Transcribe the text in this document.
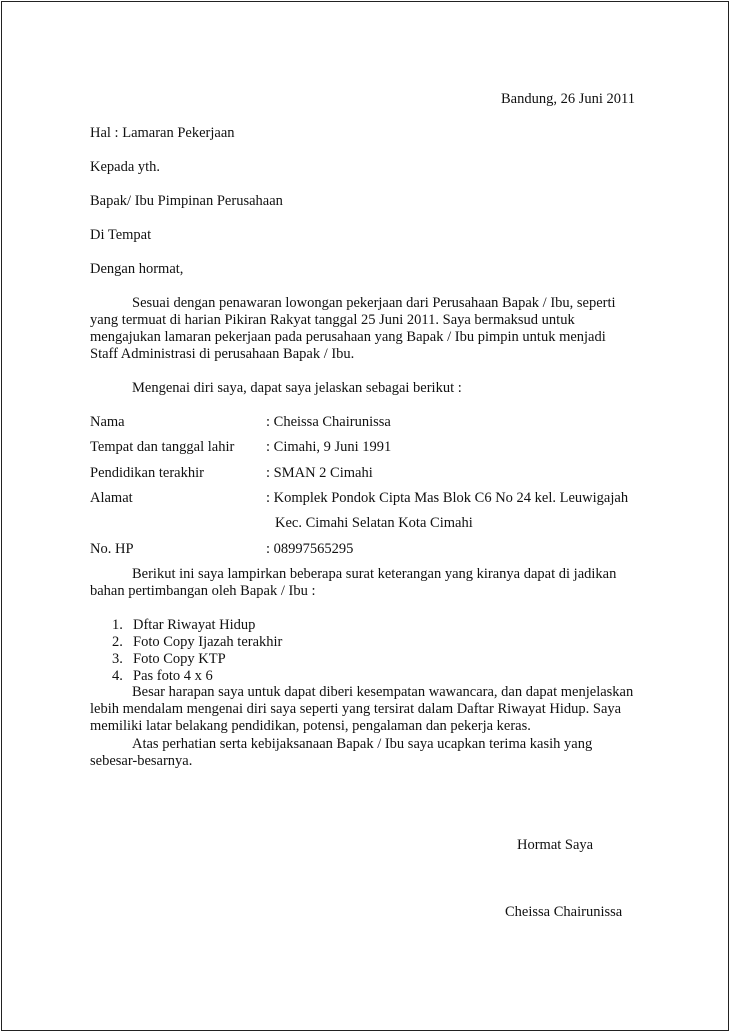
Bandung, 26 Juni 2011
Hal : Lamaran Pekerjaan
Kepada yth.
Bapak/ Ibu Pimpinan Perusahaan
Di Tempat
Dengan hormat,
Sesuai dengan penawaran lowongan pekerjaan dari Perusahaan Bapak / Ibu, seperti
yang termuat di harian Pikiran Rakyat tanggal 25 Juni 2011. Saya bermaksud untuk
mengajukan lamaran pekerjaan pada perusahaan yang Bapak / Ibu pimpin untuk menjadi
Staff Administrasi di perusahaan Bapak / Ibu.
Mengenai diri saya, dapat saya jelaskan sebagai berikut :
Nama	: Cheissa Chairunissa
Tempat dan tanggal lahir : Cimahi, 9 Juni 1991
Pendidikan terakhir	: SMAN 2 Cimahi
Alamat	: Komplek Pondok Cipta Mas Blok C6 No 24 kel. Leuwigajah
Kec. Cimahi Selatan Kota Cimahi
No. HP	: 08997565295
Berikut ini saya lampirkan beberapa surat keterangan yang kiranya dapat di jadikan
bahan pertimbangan oleh Bapak / Ibu :
1. Dftar Riwayat Hidup
2. Foto Copy Ijazah terakhir
3. Foto Copy KTP
4. Pas foto 4 x 6
Besar harapan saya untuk dapat diberi kesempatan wawancara, dan dapat menjelaskan
lebih mendalam mengenai diri saya seperti yang tersirat dalam Daftar Riwayat Hidup. Saya
memiliki latar belakang pendidikan, potensi, pengalaman dan pekerja keras.
Atas perhatian serta kebijaksanaan Bapak / Ibu saya ucapkan terima kasih yang
sebesar-besarnya.
Hormat Saya
Cheissa Chairunissa
